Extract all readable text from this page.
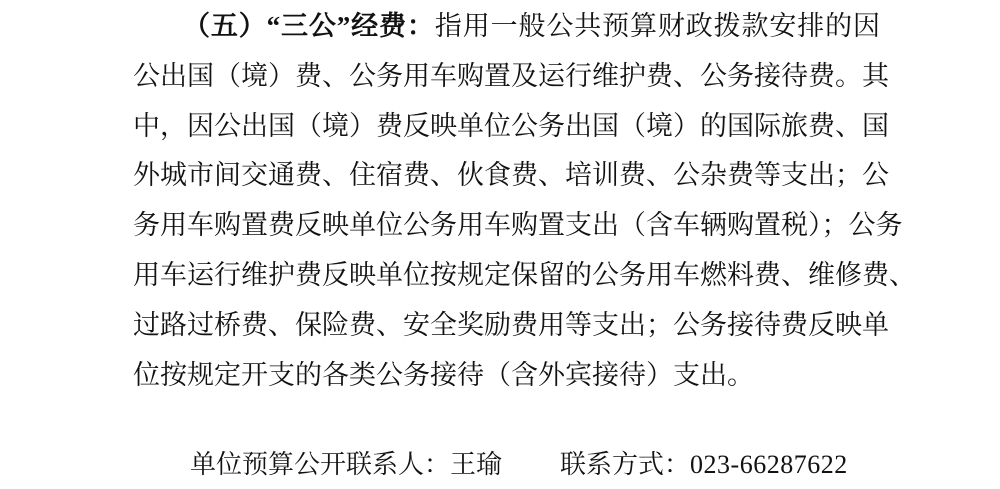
（五）“三公”经费：指用一般公共预算财政拨款安排的因
公出国（境）费、公务用车购置及运行维护费、公务接待费。其
中，因公出国（境）费反映单位公务出国（境）的国际旅费、国
外城市间交通费、住宿费、伙食费、培训费、公杂费等支出；公
务用车购置费反映单位公务用车购置支出（含车辆购置税）；公务
用车运行维护费反映单位按规定保留的公务用车燃料费、维修费、
过路过桥费、保险费、安全奖励费用等支出；公务接待费反映单
位按规定开支的各类公务接待（含外宾接待）支出。
单位预算公开联系人：王瑜 联系方式：023-66287622
